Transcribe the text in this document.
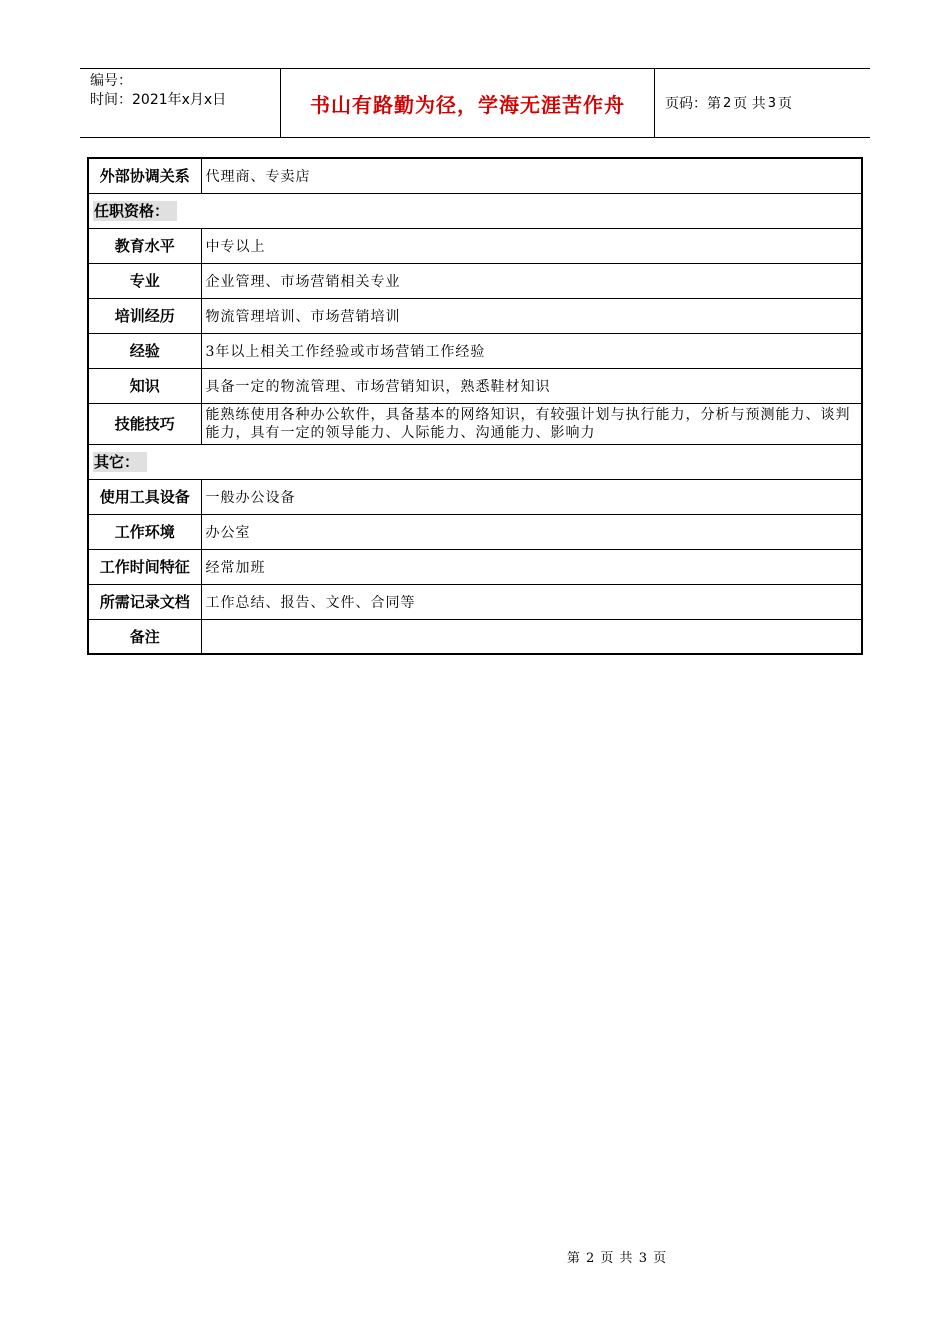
编号：
时间：2021年x月x日	书山有路勤为径，学海无涯苦作舟	页码：第 2 页 共 3 页
外部协调关系	代理商、专卖店
任职资格：	
教育水平	中专以上
专业	企业管理、市场营销相关专业
培训经历	物流管理培训、市场营销培训
经验	3年以上相关工作经验或市场营销工作经验
知识	具备一定的物流管理、市场营销知识，熟悉鞋材知识
技能技巧	能熟练使用各种办公软件，具备基本的网络知识，有较强计划与执行能力，分析与预测能力、谈判能力，具有一定的领导能力、人际能力、沟通能力、影响力
其它：	
使用工具设备	一般办公设备
工作环境	办公室
工作时间特征	经常加班
所需记录文档	工作总结、报告、文件、合同等
备注	
第 2 页 共 3 页
